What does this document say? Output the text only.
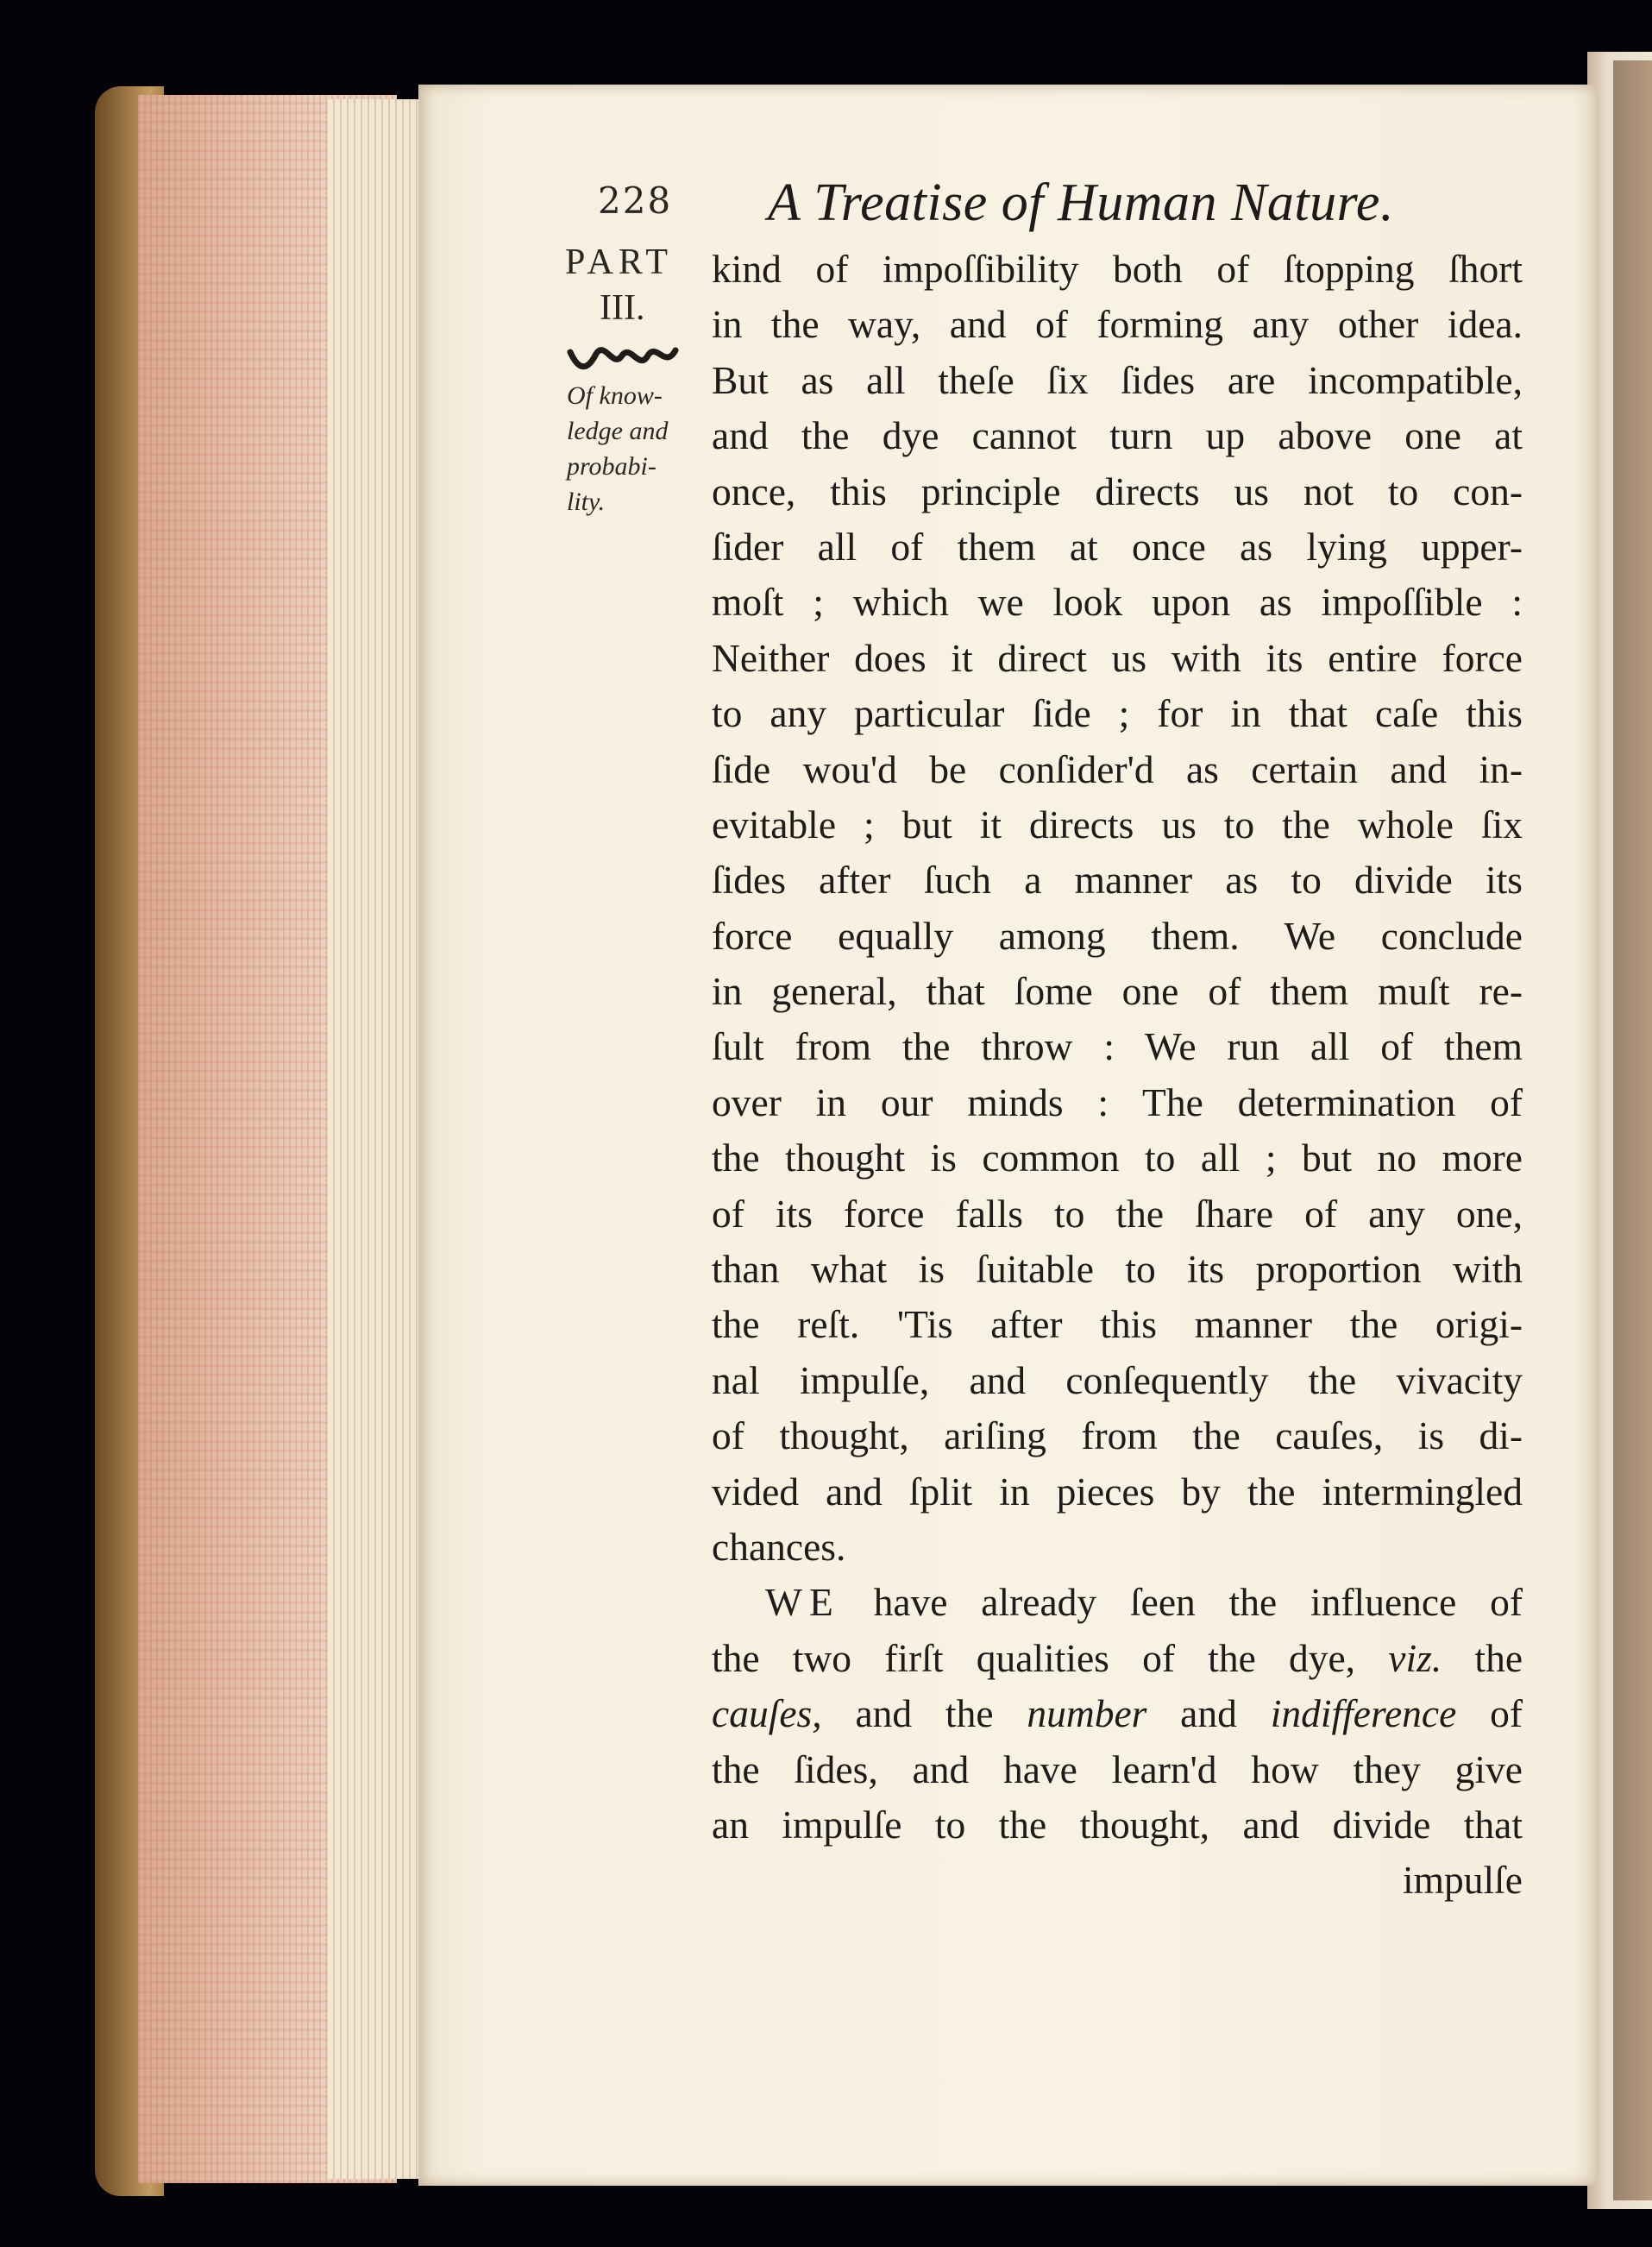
228 A Treatise of Human Nature.
PART
III.
Of know-
ledge and
probabi-
lity.
kind of impoſſibility both of ſtopping ſhort
in the way, and of forming any other idea.
But as all theſe ſix ſides are incompatible,
and the dye cannot turn up above one at
once, this principle directs us not to con-
ſider all of them at once as lying upper-
moſt ; which we look upon as impoſſible :
Neither does it direct us with its entire force
to any particular ſide ; for in that caſe this
ſide wou'd be conſider'd as certain and in-
evitable ; but it directs us to the whole ſix
ſides after ſuch a manner as to divide its
force equally among them. We conclude
in general, that ſome one of them muſt re-
ſult from the throw : We run all of them
over in our minds : The determination of
the thought is common to all ; but no more
of its force falls to the ſhare of any one,
than what is ſuitable to its proportion with
the reſt. 'Tis after this manner the origi-
nal impulſe, and conſequently the vivacity
of thought, ariſing from the cauſes, is di-
vided and ſplit in pieces by the intermingled
chances.
WE have already ſeen the influence of
the two firſt qualities of the dye, viz. the
cauſes, and the number and indifference of
the ſides, and have learn'd how they give
an impulſe to the thought, and divide that
impulſe
